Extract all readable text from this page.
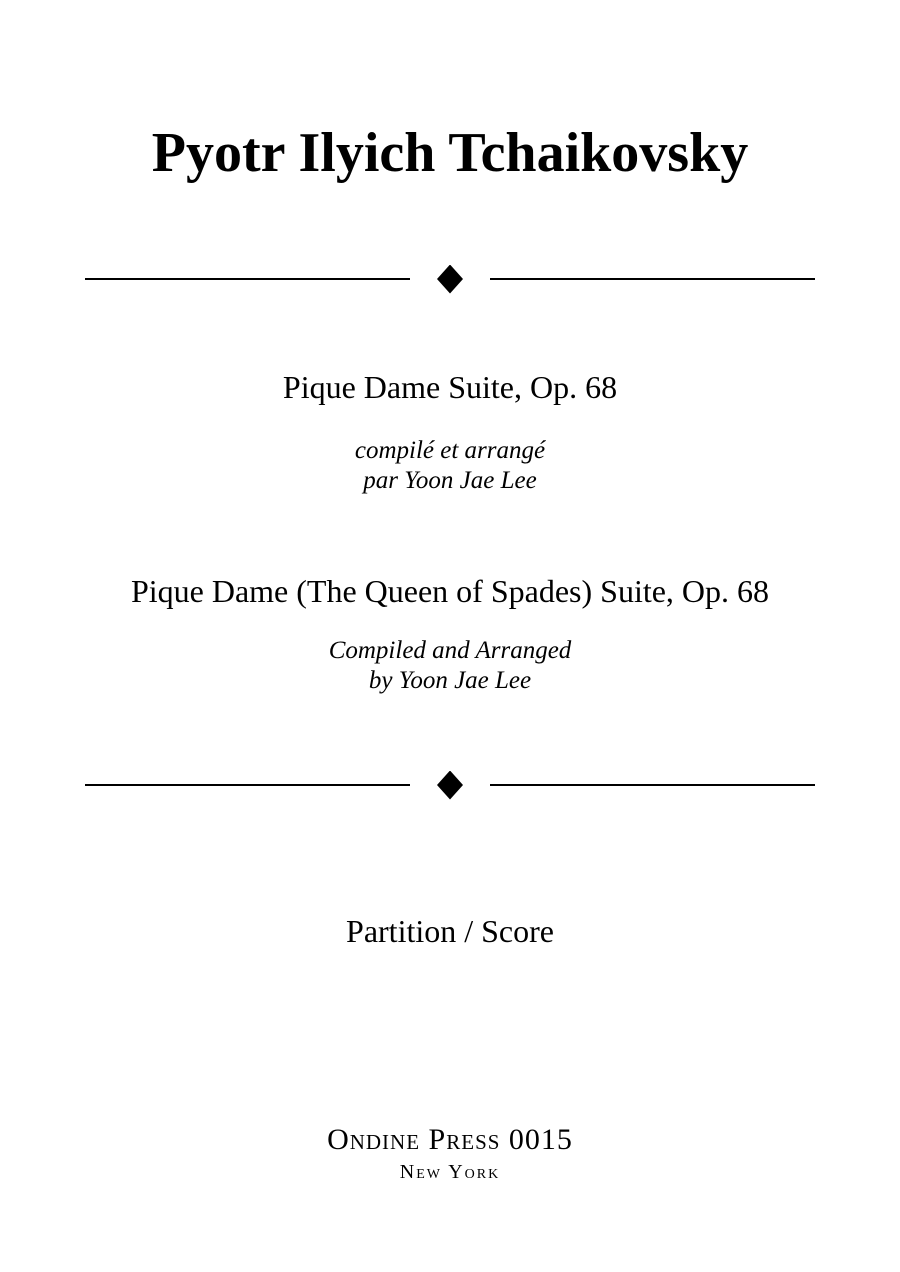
Pyotr Ilyich Tchaikovsky
Pique Dame Suite, Op. 68
compilé et arrangé
par Yoon Jae Lee
Pique Dame (The Queen of Spades) Suite, Op. 68
Compiled and Arranged
by Yoon Jae Lee
Partition / Score
Ondine Press 0015
New York
